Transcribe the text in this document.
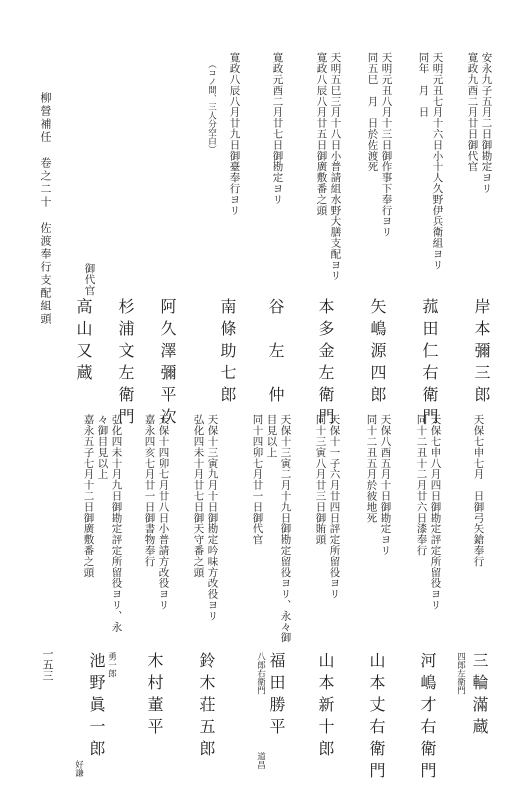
柳營補任　卷之二十　佐渡奉行支配組頭
一五三
安永九子五月二日御勘定ヨリ
寛政九酉二月廿日御代官
天明元丑七月十六日小十人久野伊兵衛組ヨリ
同年　月　日
天明元丑八月十三日御作事下奉行ヨリ
同五巳　月　日於佐渡死
天明五巳三月十八日小普請組水野大膳支配ヨリ
寛政八辰八月廿五日御廣敷番之頭
寛政元酉二月廿七日御勘定ヨリ
寛政八辰八月廿九日御臺奉行ヨリ
（コノ間、三人分空白）
岸本彌三郎
菰田仁右衛門
矢嶋源四郎
本多金左衛門
谷　左　仲
南條助七郎
阿久澤彌平次
杉浦文左衛門
御代官
高山又蔵
天保七申七月　日御弓矢鎗奉行
天保七申八月四日御勘定評定所留役ヨリ
同十二丑十二月廿六日漆奉行
天保八酉五月十日御勘定ヨリ
同十二丑五月於彼地死
天保十一子六月廿四日評定所留役ヨリ
同十三寅八月廿三日御賄頭
天保十三寅二月十九日御勘定留役ヨリ、永々御
目見以上
同十四卯七月廿一日御代官
天保十三寅九月十日御勘定吟味方改役ヨリ
弘化四未十月廿七日御天守番之頭
天保十四卯七月廿八日小普請方改役ヨリ
嘉永四亥七月廿一日御書物奉行
弘化四未十月九日御勘定評定所留役ヨリ、永
々御目見以上
嘉永五子七月十二日御廣敷番之頭
四郎左衛門 三輪滿蔵
河嶋才右衛門
山本丈右衛門
山本新十郎
八郎右衛門 福田勝平
道昌
鈴木荘五郎
木村董平
勇一郎
池野眞一郎
好謙
